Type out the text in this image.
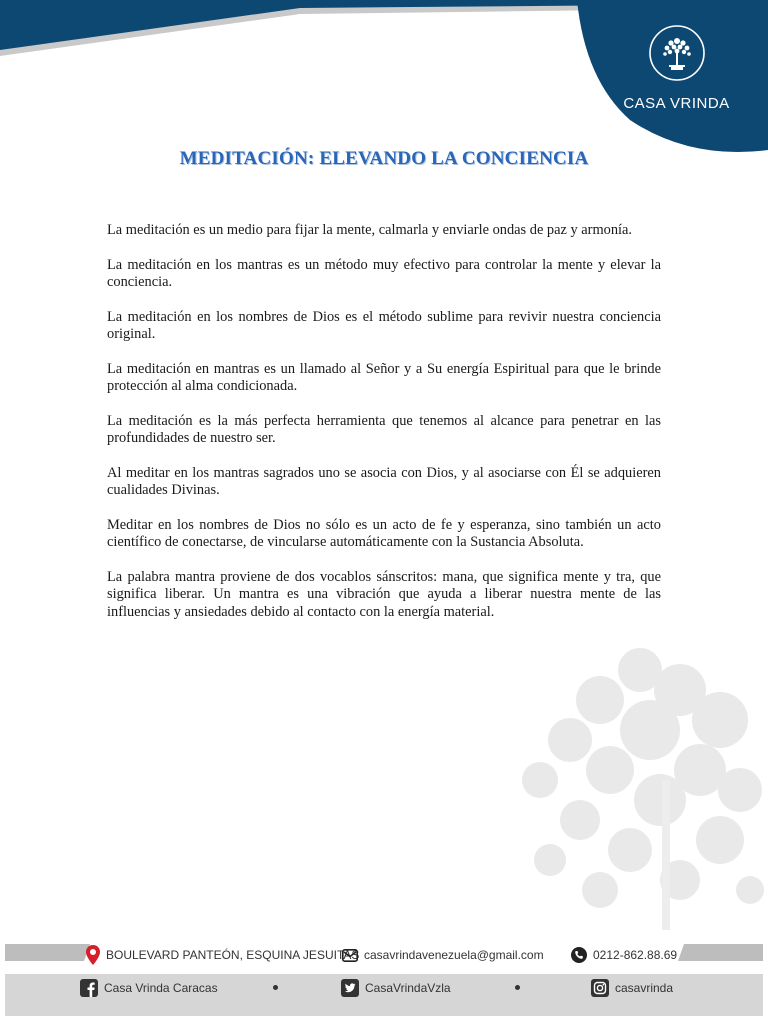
CASA VRINDA
MEDITACIÓN: ELEVANDO LA CONCIENCIA

La meditación es un medio para fijar la mente, calmarla y enviarle ondas de paz y armonía.

La meditación en los mantras es un método muy efectivo para controlar la mente y elevar la conciencia.

La meditación en los nombres de Dios es el método sublime para revivir nuestra conciencia original.

La meditación en mantras es un llamado al Señor y a Su energía Espiritual para que le brinde protección al alma condicionada.

La meditación es la más perfecta herramienta que tenemos al alcance para penetrar en las profundidades de nuestro ser.

Al meditar en los mantras sagrados uno se asocia con Dios, y al asociarse con Él se adquieren cualidades Divinas.

Meditar en los nombres de Dios no sólo es un acto de fe y esperanza, sino también un acto científico de conectarse, de vincularse automáticamente con la Sustancia Absoluta.

La palabra mantra proviene de dos vocablos sánscritos: mana, que significa mente y tra, que significa liberar. Un mantra es una vibración que ayuda a liberar nuestra mente de las influencias y ansiedades debido al contacto con la energía material.

BOULEVARD PANTEÓN, ESQUINA JESUITAS casavrindavenezuela@gmail.com	0212-862.88.69
Casa Vrinda Caracas	CasaVrindaVzla	casavrinda
